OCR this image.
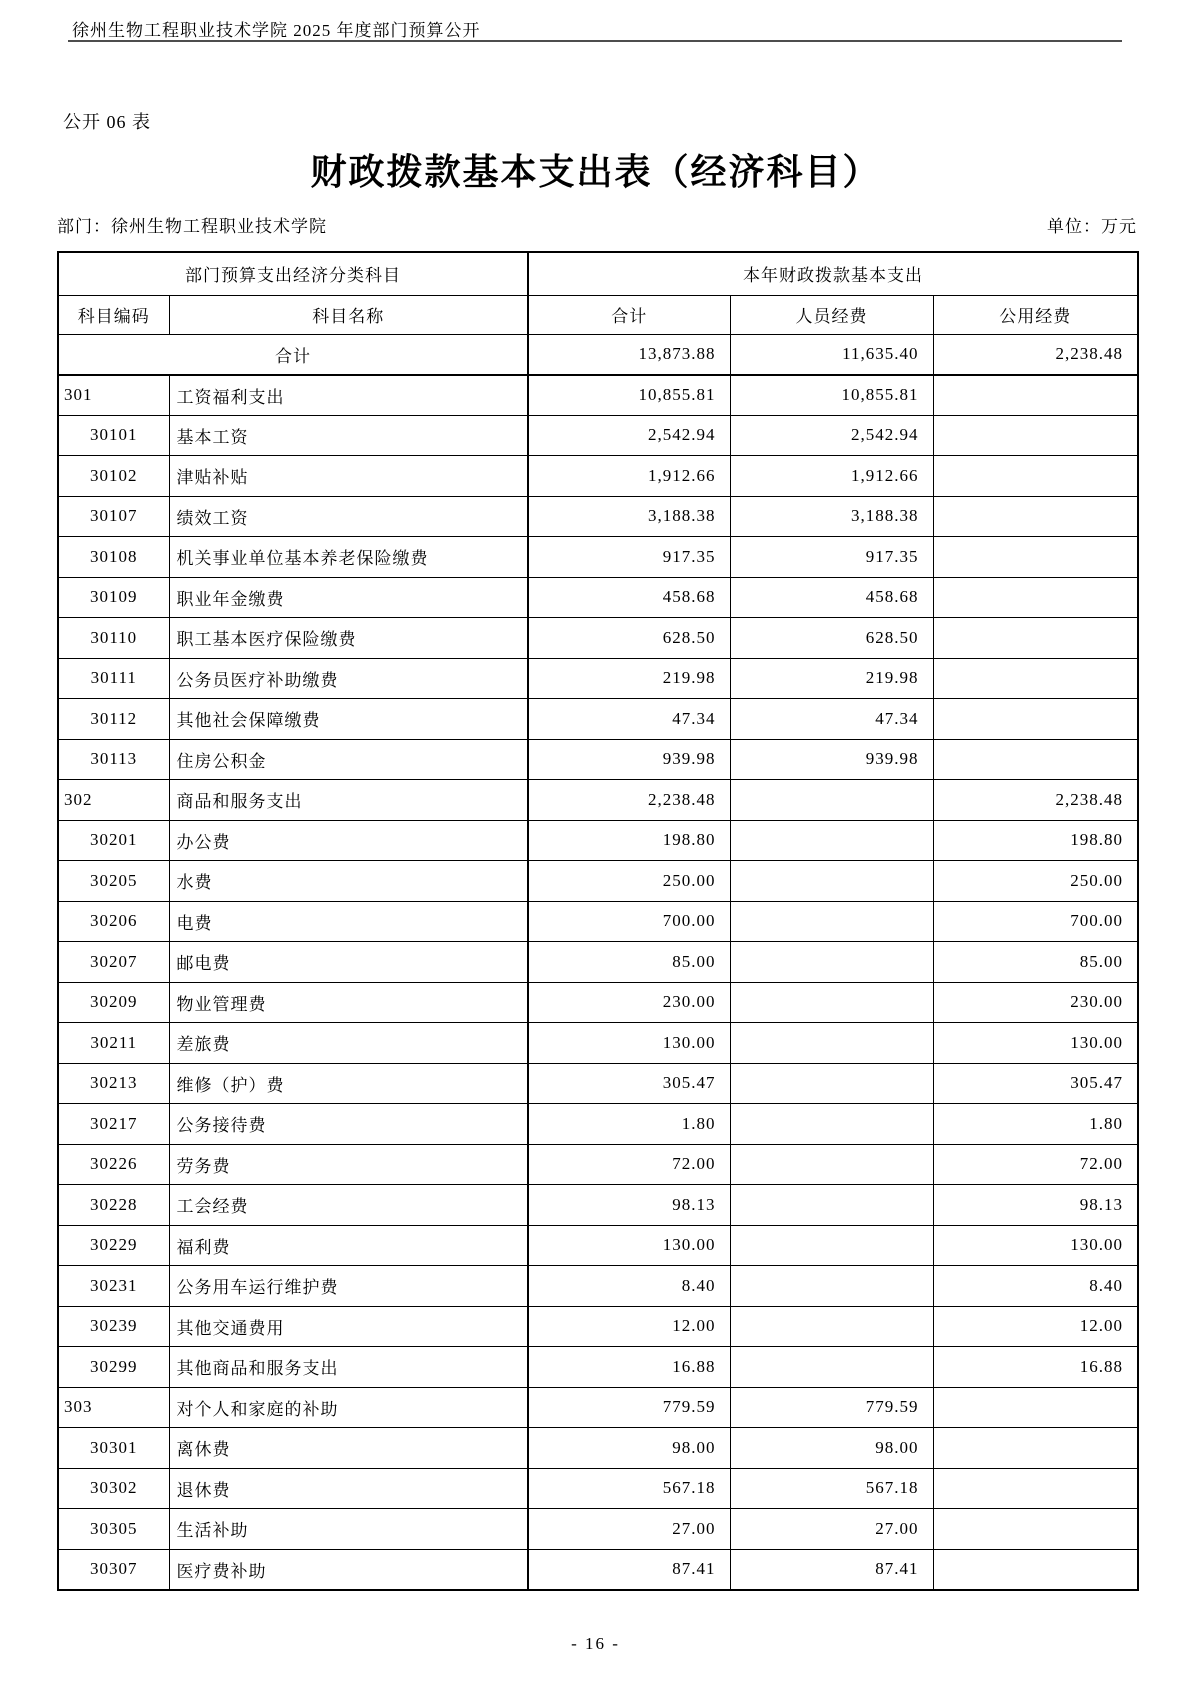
徐州生物工程职业技术学院 2025 年度部门预算公开
公开 06 表
财政拨款基本支出表（经济科目）
部门：徐州生物工程职业技术学院	单位：万元
部门预算支出经济分类科目		本年财政拨款基本支出		
科目编码	科目名称	合计	人员经费	公用经费
合计		13,873.88	11,635.40	2,238.48
301	工资福利支出	10,855.81	10,855.81	
30101	基本工资	2,542.94	2,542.94	
30102	津贴补贴	1,912.66	1,912.66	
30107	绩效工资	3,188.38	3,188.38	
30108	机关事业单位基本养老保险缴费	917.35	917.35	
30109	职业年金缴费	458.68	458.68	
30110	职工基本医疗保险缴费	628.50	628.50	
30111	公务员医疗补助缴费	219.98	219.98	
30112	其他社会保障缴费	47.34	47.34	
30113	住房公积金	939.98	939.98	
302	商品和服务支出	2,238.48		2,238.48
30201	办公费	198.80		198.80
30205	水费	250.00		250.00
30206	电费	700.00		700.00
30207	邮电费	85.00		85.00
30209	物业管理费	230.00		230.00
30211	差旅费	130.00		130.00
30213	维修（护）费	305.47		305.47
30217	公务接待费	1.80		1.80
30226	劳务费	72.00		72.00
30228	工会经费	98.13		98.13
30229	福利费	130.00		130.00
30231	公务用车运行维护费	8.40		8.40
30239	其他交通费用	12.00		12.00
30299	其他商品和服务支出	16.88		16.88
303	对个人和家庭的补助	779.59	779.59	
30301	离休费	98.00	98.00	
30302	退休费	567.18	567.18	
30305	生活补助	27.00	27.00	
30307	医疗费补助	87.41	87.41	
- 16 -
